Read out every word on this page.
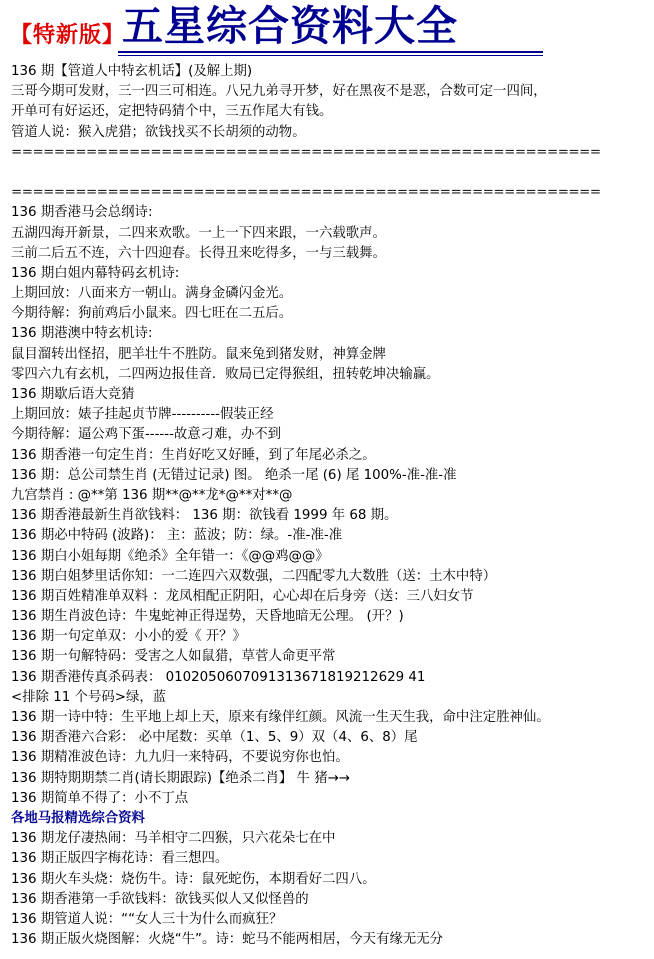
【特新版】
五星综合资料大全
136 期【管道人中特玄机话】(及解上期)
三哥今期可发财，三一四三可相连。八兄九弟寻开梦，好在黑夜不是恶，合数可定一四间，
开单可有好运还，定把特码猜个中，三五作尾大有钱。
管道人说：猴入虎猎；欲钱找买不长胡须的动物。
=======================================================
=======================================================
136 期香港马会总纲诗:
五湖四海开新景，二四来欢歌。一上一下四来跟，一六载歌声。
三前二后五不连，六十四迎春。长得丑来吃得多，一与三载舞。
136 期白姐内幕特码玄机诗:
上期回放：八面来方一朝山。满身金磷闪金光。
今期待解：狗前鸡后小鼠来。四七旺在二五后。
136 期港澳中特玄机诗:
鼠目溜转出怪招，肥羊壮牛不胜防。鼠来兔到猪发财，神算金牌
零四六九有玄机，二四两边报佳音．败局已定得猴组，扭转乾坤决输赢。
136 期歇后语大竞猜
上期回放：婊子挂起贞节牌----------假装正经
今期待解：逼公鸡下蛋------故意刁难，办不到
136 期香港一句定生肖：生肖好吃又好睡，到了年尾必杀之。
136 期：总公司禁生肖 (无错过记录) 图。 绝杀一尾 (6) 尾 100%-准-准-准
九宫禁肖 : @**第 136 期**@**龙*@**对**@
136 期香港最新生肖欲钱料： 136 期：欲钱看 1999 年 68 期。
136 期必中特码 (波路)： 主：蓝波；防：绿。-准-准-准
136 期白小姐每期《绝杀》全年错一：《@@鸡@@》
136 期白姐梦里话你知：一二连四六双数强，二四配零九大数胜（送：土木中特）
136 期百姓精准单双料 ：龙凤相配正阴阳，心心却在后身旁（送：三八妇女节
136 期生肖波色诗：牛鬼蛇神正得逞势，天昏地暗无公理。 (开？)
136 期一句定单双：小小的爱《 开？》
136 期一句解特码：受害之人如鼠猎，草菅人命更平常
136 期香港传真杀码表： 0102050607091313671819212629 41
<排除 11 个号码>绿，蓝
136 期一诗中特：生平地上却上天，原来有缘伴红颜。风流一生天生我，命中注定胜神仙。
136 期香港六合彩： 必中尾数：买单（1、5、9）双（4、6、8）尾
136 期精准波色诗：九九归一来特码，不要说穷你也怕。
136 期特期期禁二肖(请长期跟踪)【绝杀二肖】 牛 猪→→
136 期简单不得了：小不丁点
各地马报精选综合资料
136 期龙仔凄热闹：马羊相守二四猴，只六花朵七在中
136 期正版四字梅花诗：看三想四。
136 期火车头烧：烧伤牛。诗：鼠死蛇伤，本期看好二四八。
136 期香港第一手欲钱料：欲钱买似人又似怪兽的
136 期管道人说：““女人三十为什么而疯狂？
136 期正版火烧图解：火烧“牛”。诗：蛇马不能两相居，今天有缘无无分
